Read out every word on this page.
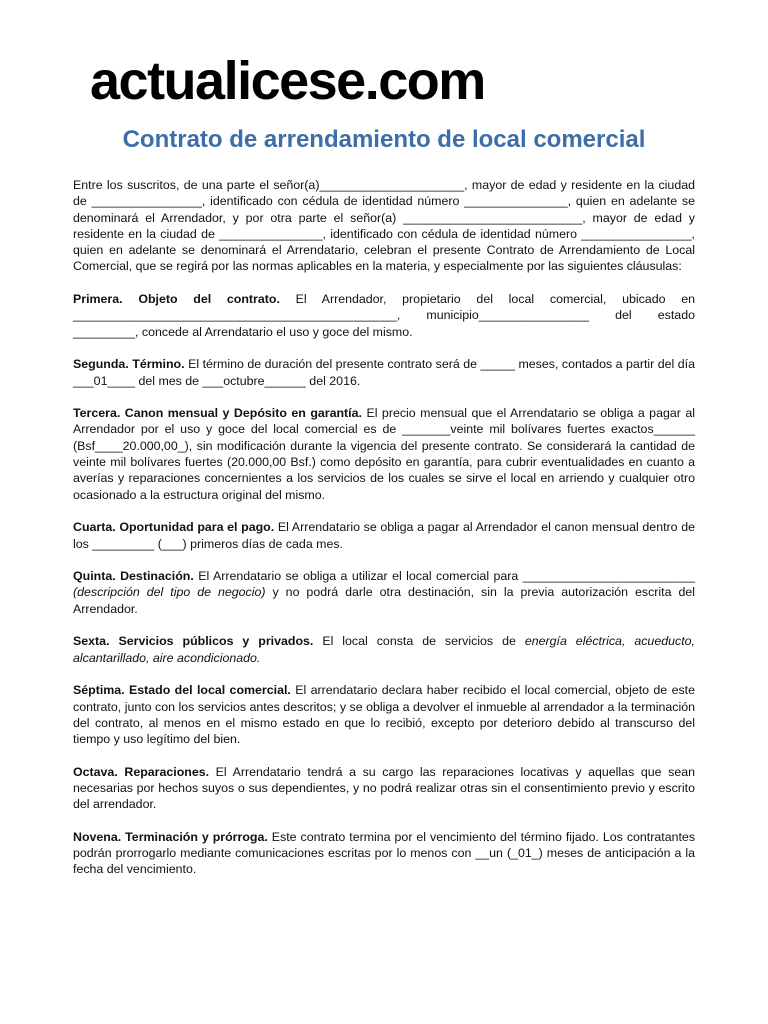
actualicese.com
Contrato de arrendamiento de local comercial

Entre los suscritos, de una parte el señor(a)_____________________, mayor de edad y residente en la ciudad de ________________, identificado con cédula de identidad número _______________, quien en adelante se denominará el Arrendador, y por otra parte el señor(a) __________________________, mayor de edad y residente en la ciudad de _______________, identificado con cédula de identidad número ________________, quien en adelante se denominará el Arrendatario, celebran el presente Contrato de Arrendamiento de Local Comercial, que se regirá por las normas aplicables en la materia, y especialmente por las siguientes cláusulas:

Primera. Objeto del contrato. El Arrendador, propietario del local comercial, ubicado en _______________________________________________, municipio________________ del estado _________, concede al Arrendatario el uso y goce del mismo.

Segunda. Término. El término de duración del presente contrato será de _____ meses, contados a partir del día ___01____ del mes de ___octubre______ del 2016.

Tercera. Canon mensual y Depósito en garantía. El precio mensual que el Arrendatario se obliga a pagar al Arrendador por el uso y goce del local comercial es de _______veinte mil bolívares fuertes exactos______ (Bsf____20.000,00_), sin modificación durante la vigencia del presente contrato. Se considerará la cantidad de veinte mil bolívares fuertes (20.000,00 Bsf.) como depósito en garantía, para cubrir eventualidades en cuanto a averías y reparaciones concernientes a los servicios de los cuales se sirve el local en arriendo y cualquier otro ocasionado a la estructura original del mismo.

Cuarta. Oportunidad para el pago. El Arrendatario se obliga a pagar al Arrendador el canon mensual dentro de los _________ (___) primeros días de cada mes.

Quinta. Destinación. El Arrendatario se obliga a utilizar el local comercial para _________________________ (descripción del tipo de negocio) y no podrá darle otra destinación, sin la previa autorización escrita del Arrendador.

Sexta. Servicios públicos y privados. El local consta de servicios de energía eléctrica, acueducto, alcantarillado, aire acondicionado.

Séptima. Estado del local comercial. El arrendatario declara haber recibido el local comercial, objeto de este contrato, junto con los servicios antes descritos; y se obliga a devolver el inmueble al arrendador a la terminación del contrato, al menos en el mismo estado en que lo recibió, excepto por deterioro debido al transcurso del tiempo y uso legítimo del bien.

Octava. Reparaciones. El Arrendatario tendrá a su cargo las reparaciones locativas y aquellas que sean necesarias por hechos suyos o sus dependientes, y no podrá realizar otras sin el consentimiento previo y escrito del arrendador.

Novena. Terminación y prórroga. Este contrato termina por el vencimiento del término fijado. Los contratantes podrán prorrogarlo mediante comunicaciones escritas por lo menos con __un (_01_) meses de anticipación a la fecha del vencimiento.
